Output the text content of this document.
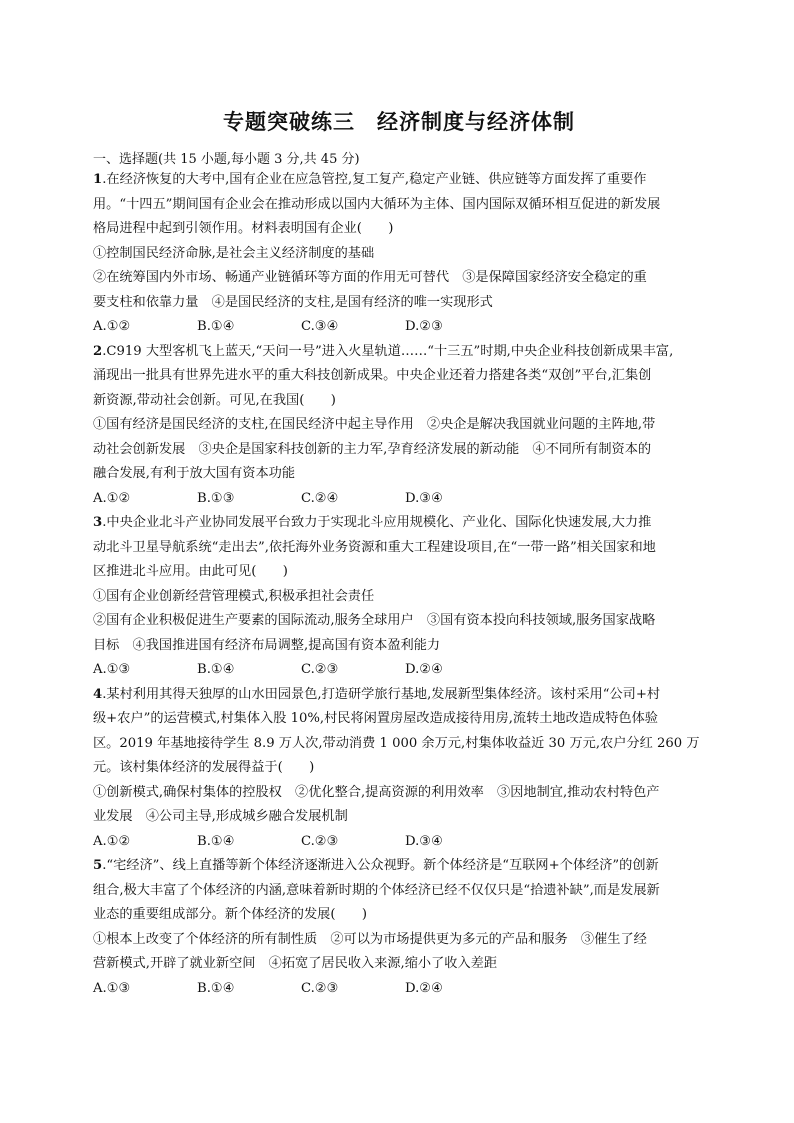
专题突破练三　经济制度与经济体制
一、选择题(共 15 小题,每小题 3 分,共 45 分)
1.在经济恢复的大考中,国有企业在应急管控,复工复产,稳定产业链、供应链等方面发挥了重要作
用。“十四五”期间国有企业会在推动形成以国内大循环为主体、国内国际双循环相互促进的新发展
格局进程中起到引领作用。材料表明国有企业(　　)
①控制国民经济命脉,是社会主义经济制度的基础
②在统筹国内外市场、畅通产业链循环等方面的作用无可替代　③是保障国家经济安全稳定的重
要支柱和依靠力量　④是国民经济的支柱,是国有经济的唯一实现形式
A.①②	B.①④	C.③④	D.②③
2.C919 大型客机飞上蓝天,“天问一号”进入火星轨道……“十三五”时期,中央企业科技创新成果丰富,
涌现出一批具有世界先进水平的重大科技创新成果。中央企业还着力搭建各类“双创”平台,汇集创
新资源,带动社会创新。可见,在我国(　　)
①国有经济是国民经济的支柱,在国民经济中起主导作用　②央企是解决我国就业问题的主阵地,带
动社会创新发展　③央企是国家科技创新的主力军,孕育经济发展的新动能　④不同所有制资本的
融合发展,有利于放大国有资本功能
A.①②	B.①③	C.②④	D.③④
3.中央企业北斗产业协同发展平台致力于实现北斗应用规模化、产业化、国际化快速发展,大力推
动北斗卫星导航系统“走出去”,依托海外业务资源和重大工程建设项目,在“一带一路”相关国家和地
区推进北斗应用。由此可见(　　)
①国有企业创新经营管理模式,积极承担社会责任
②国有企业积极促进生产要素的国际流动,服务全球用户　③国有资本投向科技领域,服务国家战略
目标　④我国推进国有经济布局调整,提高国有资本盈利能力
A.①③	B.①④	C.②③	D.②④
4.某村利用其得天独厚的山水田园景色,打造研学旅行基地,发展新型集体经济。该村采用“公司+村
级+农户”的运营模式,村集体入股 10%,村民将闲置房屋改造成接待用房,流转土地改造成特色体验
区。2019 年基地接待学生 8.9 万人次,带动消费 1 000 余万元,村集体收益近 30 万元,农户分红 260 万
元。该村集体经济的发展得益于(　　)
①创新模式,确保村集体的控股权　②优化整合,提高资源的利用效率　③因地制宜,推动农村特色产
业发展　④公司主导,形成城乡融合发展机制
A.①②	B.①④	C.②③	D.③④
5.“宅经济”、线上直播等新个体经济逐渐进入公众视野。新个体经济是“互联网+个体经济”的创新
组合,极大丰富了个体经济的内涵,意味着新时期的个体经济已经不仅仅只是“拾遗补缺”,而是发展新
业态的重要组成部分。新个体经济的发展(　　)
①根本上改变了个体经济的所有制性质　②可以为市场提供更为多元的产品和服务　③催生了经
营新模式,开辟了就业新空间　④拓宽了居民收入来源,缩小了收入差距
A.①③	B.①④	C.②③	D.②④
